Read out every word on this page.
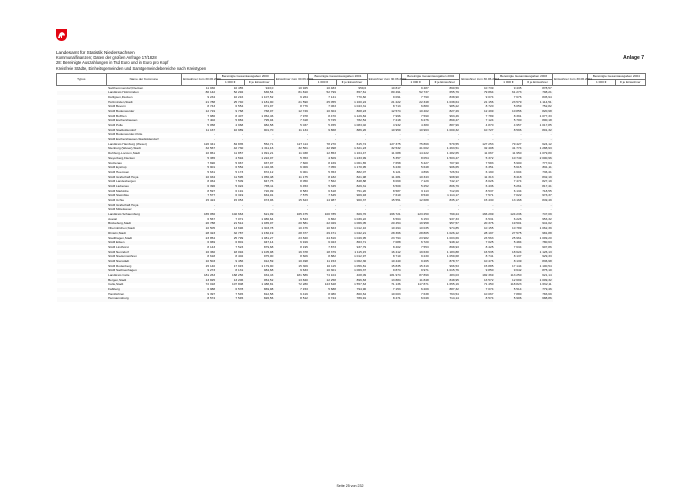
Landesamt für Statistik Niedersachsen
Kommunalfinanzen; Daten der großen Anfrage 17/1828
28: Bereinigte Auszahlungen in Tsd Euro und in Euro pro Kopf
Kreisfreie Städte, Einheitsgemeinden und Samtgemeindebereiche nach Kreistypen
Anlage 7
Typus	Name der Kommune	Einwohner zum 30.06.2000	Bereinigte Gesamtausgaben 2000		Einwohner zum 30.06.2001	Bereinigte Gesamtausgaben 2001		Einwohner zum 30.06.2002	Bereinigte Gesamtausgaben 2002		Einwohner zum 30.06.2003	Bereinigte Gesamtausgaben 2003		Einwohner zum 30.06.2004	Bereinigte Gesamtausgaben 2004	
			1 000 €	€ je Einwohner		1 000 €	€ je Einwohner		1 000 €	€ je Einwohner		1 000 €	€ je Einwohner		1 000 €	€ je Einwohner
	Salzhemmendorf,Flecken	11 030	10 455	943,0	10 925	10 483	959,6	10 817	9 487	890,59	10 739	9 435	878,57			
	Landkreis Holzminden	80 142	52 292	636,54	81 810	52 799	657,61	80 491	52 737	655,79	79 864	61 273	798,21			
	Delligsen,Flecken	9 234	10 216	1 107,52	9 264	7 141	770,82	9 091	7 790	838,90	9 074	7 676	845,94			
	Holzminden,Stadt	21 788	25 740	1 181,90	21 590	25 055	1 160,24	21 222	22 348	1 038,64	21 156	23 579	1 114,51			
	SGM Bevern	8 743	6 554	971,97	8 776	7 063	1 043,31	8 713	6 880	985,22	8 720	5 059	752,82			
	SGM Bodenwerder	12 719	9 768	768,07	12 749	10 304	808,23	12 574	10 402	827,29	12 499	10 856	820,98			
	SGM Boffzen	7 986	8 407	1 052,46	7 978	8 470	1 129,84	7 996	7 590	963,46	7 789	8 391	1 077,33			
	SGM Eschershausen	7 402	5 884	795,04	7 318	5 725	782,54	7 218	6 276	869,47	7 124	5 700	800,18			
	SGM Polle	5 058	4 968	982,58	5 037	5 455	1 083,02	4 932	4 380	887,99	4 870	4 957	1 017,85			
	SGM Stadtoldendorf	11 167	10 989	901,70	11 134	9 868	886,26	10 959	10 963	1 000,32	10 727	8 596	801,32			
	SGM Bodenwerder-Polle	-	-	-	-	-	-	-	-	-	-	-	-			
	SGM Eschershausen-Stadtoldendorf	-	-	-	-	-	-	-	-	-	-	-	-			
	Landkreis Hamburg (Weser)	126 341	84 835	552,71	127 114	78 270	615,74	127 375	75 869	579,55	127 253	79 427	624,12			
	Nienburg (Weser),Stadt	32 567	42 730	1 311,16	32 561	42 998	1 321,23	32 532	41 002	1 263,51	32 408	41 774	1 288,93			
	Rehburg-Loccum,Stadt	10 861	11 857	1 091,21	11 038	12 853	1 164,47	11 088	14 222	1 282,65	11 067	11 950	1 079,80			
	Steyerberg,Flecken	5 365	4 594	1 222,07	5 353	4 609	1 233,99	5 357	8 054	1 503,47	5 372	10 749	2 000,96			
	Stolzenau	7 690	5 967	937,97	7 600	8 169	1 061,65	7 658	5 427	707,90	7 583	5 900	777,64			
	SGM Eystrup	5 901	6 552	1 110,36	6 009	7 056	1 170,95	6 230	5 648	906,65	6 351	5 615	891,11			
	SGM Heemsen	5 631	5 173	872,12	6 001	5 353	882,07	6 121	4 896	726,54	6 190	4 604	736,41			
	SGM Grafschaft Hoya	10 934	11 595	1 056,48	11 175	8 182	821,98	11 281	10 343	908,90	11 313	8 418	832,19			
	SGM Landesbergen	8 064	7 509	847,75	8 050	7 562	848,88	8 069	7 129	742,17	8 026	7 474	827,19			
	SGM Liebenau	6 396	5 022	785,11	6 453	5 345	829,31	6 509	5 252	806,79	6 436	5 261	817,41			
	SGM Marklohe	8 597	6 191	720,09	8 583	6 618	751,20	8 587	6 113	712,09	8 537	6 134	718,55			
	SGM Steimbke	7 577	6 319	834,01	7 575	7 645	909,93	7 610	8 540	1 114,17	7 571	7 022	973,37			
	SGM Uchte	15 424	15 053	973,96	15 623	14 987	900,37	15 551	12 688	835,17	15 430	13 168	849,49			
	SGM Grafschaft Hoya	-	-	-	-	-	-	-	-	-	-	-	-			
	SGM Mittelweser	-	-	-	-	-	-	-	-	-	-	-	-			
	Landkreis Schaumburg	165 056	102 663	621,99	165 475	100 785	609,76	166 721	123 250	799,24	166 299	124 236	747,09			
	Auetal	6 567	7 071	1 086,64	6 543	6 862	1 039,22	6 564	6 153	937,33	6 531	6 226	953,32			
	Bückeburg,Stadt	20 788	21 512	1 035,07	20 581	22 029	1 066,05	20 454	19 958	957,57	20 376	19 501	941,02			
	Obernkirchen,Stadt	10 505	13 696	1 303,78	10 476	10 663	1 012,16	10 294	10 035	974,85	10 155	10 789	1 062,39			
	Rinteln,Stadt	28 323	32 787	1 150,19	28 377	29 471	1 042,21	28 366	28 805	1 026,12	28 197	27 575	981,88			
	Stadthagen,Stadt	23 854	25 799	1 081,27	23 840	24 816	1 049,95	23 794	23 982	1 003,69	23 563	25 961	1 099,20			
	SGM Eilsen	6 969	6 801	947,14	6 919	6 023	863,71	7 088	6 720	948,12	7 025	5 484	780,63			
	SGM Lindhorst	8 143	7 523	879,68	8 195	7 873	937,79	8 402	7 553	898,93	8 425	7 634	907,86			
	SGM Nenndorf	16 360	18 094	1 105,98	16 378	18 379	1 115,15	16 412	19 630	1 183,88	16 535	18 624	1 126,13			
	SGM Niedernwöhren	8 618	8 402	975,00	8 606	8 882	1 012,97	8 710	9 230	1 059,68	8 741	8 137	929,33			
	SGM Nienstädt	10 503	9 456	912,59	10 498	11 153	1 062,36	10 440	9 265	878,77	10 476	8 139	836,98			
	SGM Rodenberg	15 140	17 915	1 179,90	15 309	16 115	1 056,81	15 835	15 319	966,53	15 885	17 144	1 100,54			
	SGM Sachsenhagen	9 273	8 131	984,68	9 633	10 301	1 069,37	9 874	9 971	1 015,76	9 850	9 642	875,10			
	Landkreis Celle	181 263	168 256	934,43	181 586	74 104	408,09	181 974	87 899	483,03	182 369	113 250	621,14			
	Bergen,Stadt	13 825	13 206	954,52	13 840	12 258	896,83	13 884	11 848	848,95	13 572	12 699	1 009,32			
	Celle,Stadt	72 018	107 808	1 488,81	72 280	123 628	1 557,63	71 136	117 871	1 655,19	71 450	118 823	1 662,11			
	Faßberg	6 988	6 578	869,98	7 153	5 688	794,90	7 153	6 209	887,32	7 074	5 514	779,46			
	Hambühren	9 397	7 545	812,58	9 419	8 080	860,64	10 003	7 638	763,54	10 067	7 880	783,69			
	Hermannsburg	8 574	7 545	826,56	8 512	6 724	789,91	8 471	6 049	714,14	8 574	5 906	688,86			
Seite 25 von 232
